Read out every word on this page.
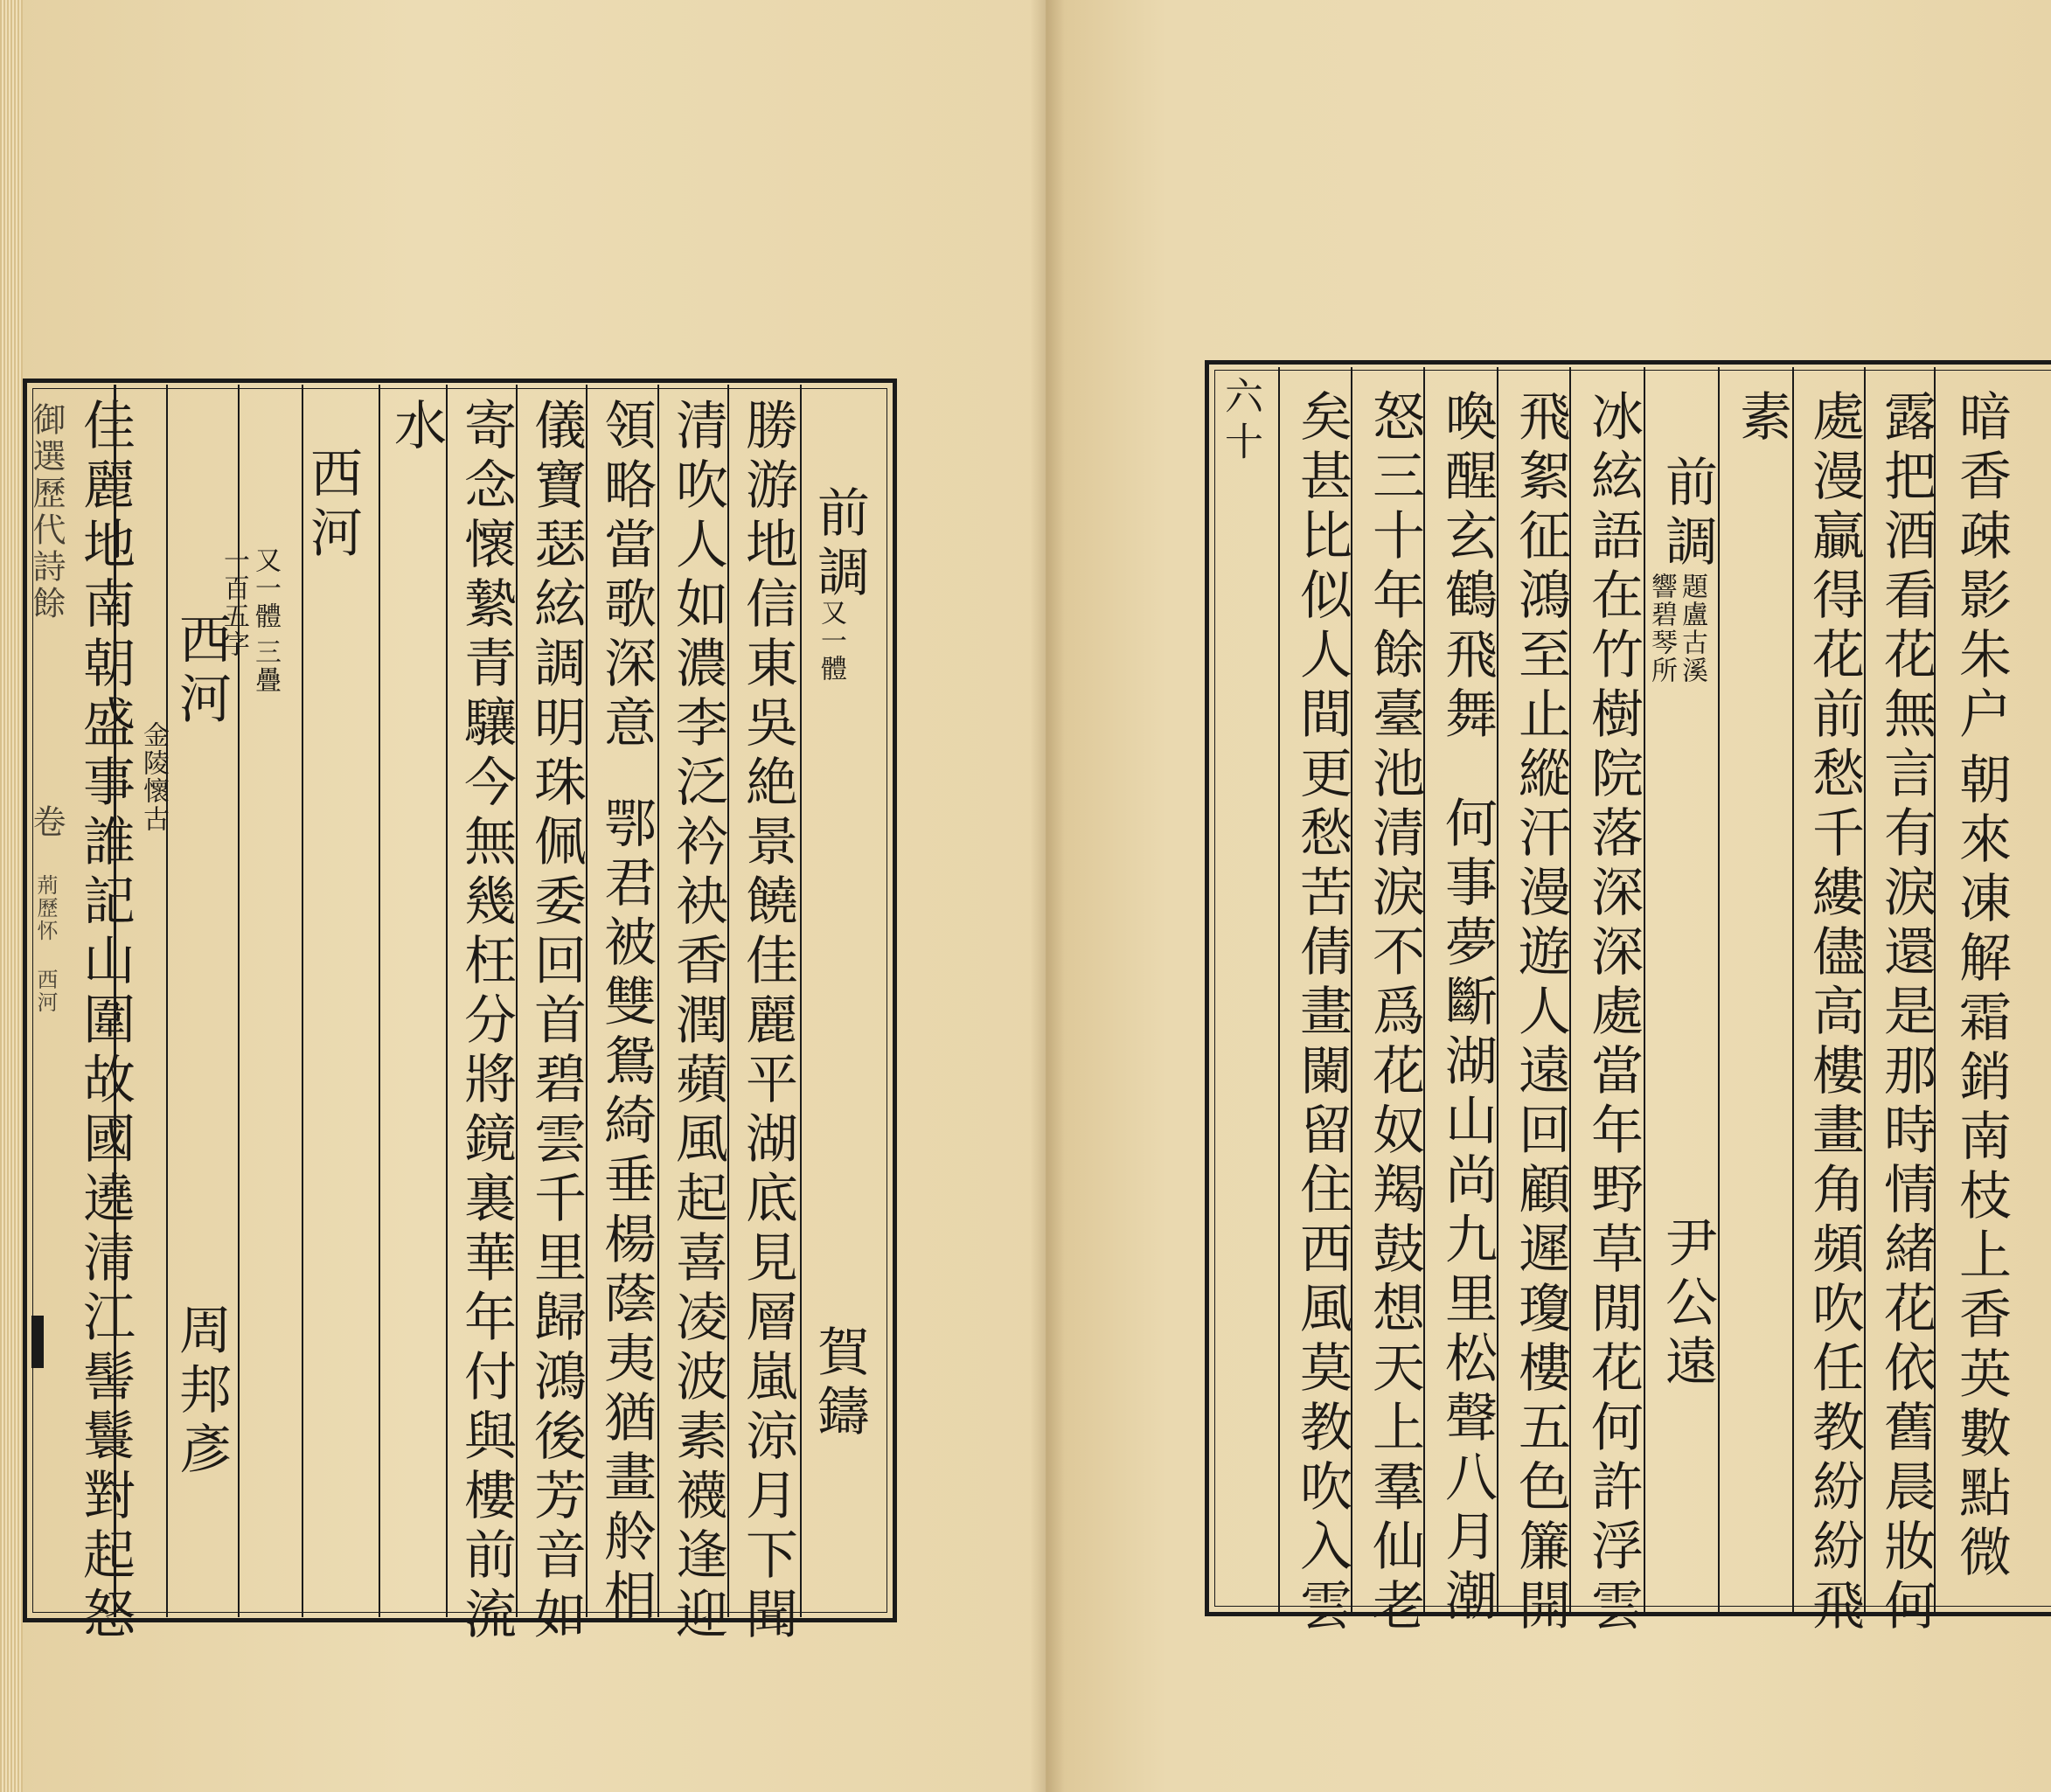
御選歷代詩餘
卷
荊歷怀 西河
前調
又一體
賀鑄
勝游地信東吳絶景饒佳麗平湖底見層嵐涼月下聞
清吹人如濃李泛衿袂香潤蘋風起喜凌波素襪逢迎
領略當歌深意
鄂君被雙鴛綺垂楊蔭夷猶畫舲相
儀寶瑟絃調明珠佩委回首碧雲千里歸鴻後芳音如
寄念懷縶青驤今無幾枉分將鏡裏華年付與樓前流
水
西河
又一體
三疊
一百五字
西河
金陵懷古
周邦彥
佳麗地南朝盛事誰記山圍故國遶清江髻鬟對起怒	暗香疎影朱户
朝來凍解霜銷南枝上香英數點微
露把酒看花無言有淚還是那時情緒花依舊晨妝何
處漫贏得花前愁千縷儘高樓畫角頻吹任教紛紛飛
素
前調
題盧古溪
響碧琴所
尹公遠
冰絃語在竹樹院落深深處當年野草閒花何許浮雲
飛絮征鴻至止縱汗漫遊人遠回顧遲瓊樓五色簾開
喚醒玄鶴飛舞
何事夢斷湖山尚九里松聲八月潮
怒三十年餘臺池清淚不爲花奴羯鼓想天上羣仙老
矣甚比似人間更愁苦倩畫闌留住西風莫教吹入雲
六十
